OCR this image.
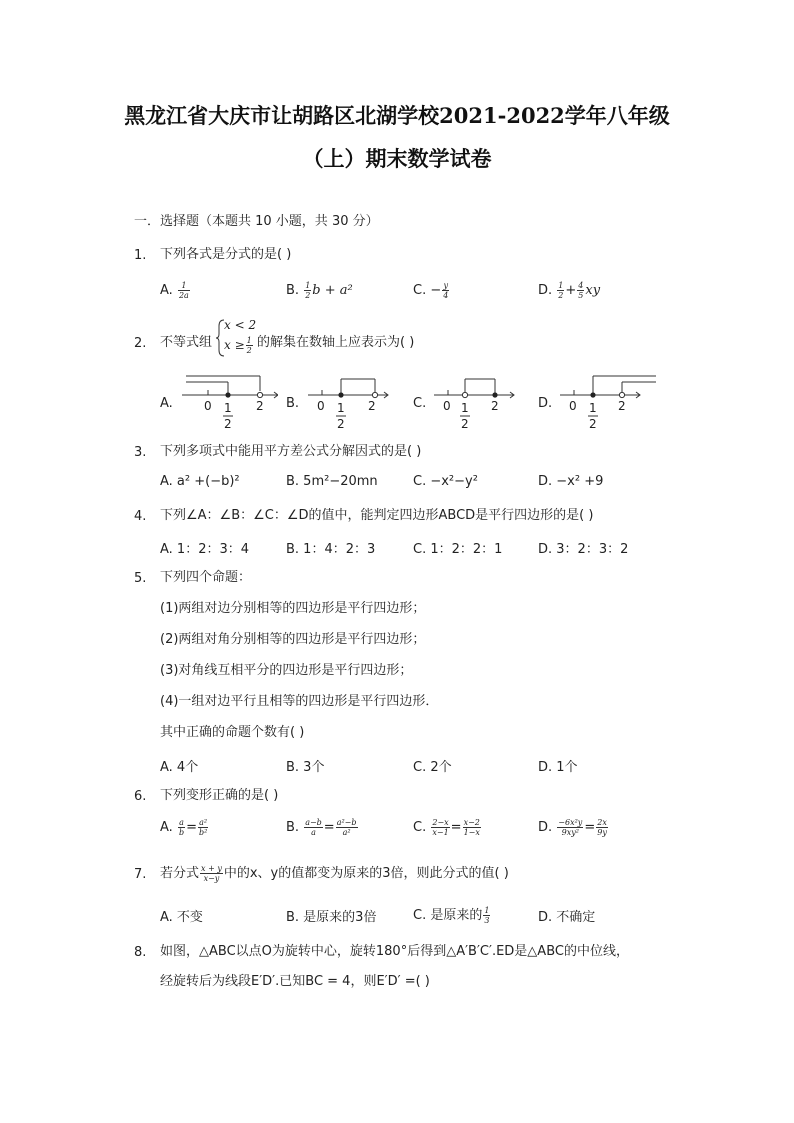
黑龙江省大庆市让胡路区北湖学校2021-2022学年八年级
（上）期末数学试卷
一．选择题（本题共 10 小题，共 30 分）
1. 下列各式是分式的是( )
A. $\frac{1}{2a}$	B. $\frac{1}{2}$ b + a²	C. − $\frac{y}{4}$	D. $\frac{1}{2} + \frac{4}{5}$ xy
2. 不等式组
x < 2
$x \ge \frac{1}{2}$ 的解集在数轴上应表示为( )
A.	B.	C.	D.
0 1
2
2	0 1
2
2	0 1
2
2	0 1
2
2
3. 下列多项式中能用平方差公式分解因式的是( )
A. a² +(−b)²	B. 5m²−20mn	C. −x²−y²	D. −x² +9
4. 下列∠A：∠B：∠C：∠D的值中，能判定四边形ABCD是平行四边形的是( )
A. 1：2：3：4	B. 1：4：2：3	C. 1：2：2：1	D. 3：2：3：2
5. 下列四个命题：
(1)两组对边分别相等的四边形是平行四边形；
(2)两组对角分别相等的四边形是平行四边形；
(3)对角线互相平分的四边形是平行四边形；
(4)一组对边平行且相等的四边形是平行四边形．
其中正确的命题个数有( )
A. 4个	B. 3个	C. 2个	D. 1个
6. 下列变形正确的是( )
A. $\frac{a}{b} = \frac{\text{a²}}{\text{b²}}$	B. $\frac{a-b}{a} = \frac{\text{a²−b}}{\text{a²}}$	C. $\frac{2-x}{x-1} = \frac{x-2}{1-x}$	D. $\frac{\text{−6x²y}}{\text{9xy²}} = \frac{2x}{9y}$
7. 若分式 $\frac{x + y}{x-y}$ 中的x、y的值都变为原来的3倍，则此分式的值( )
A. 不变	B. 是原来的3倍	C. 是原来的 $\frac{1}{3}$	D. 不确定
8. 如图，△ABC以点O为旋转中心，旋转180°后得到△A′B′C′.ED是△ABC的中位线，
经旋转后为线段E′D′.已知BC = 4，则E′D′ =( )
